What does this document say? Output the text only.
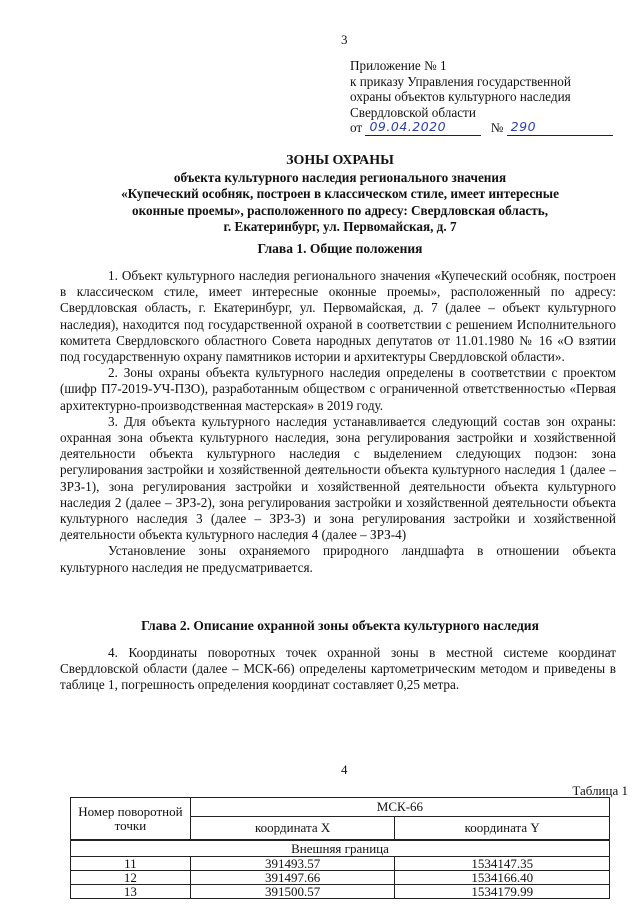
3
Приложение № 1
к приказу Управления государственной
охраны объектов культурного наследия
Свердловской области
от 09.04.2020	№ 290
ЗОНЫ ОХРАНЫ
объекта культурного наследия регионального значения
«Купеческий особняк, построен в классическом стиле, имеет интересные
оконные проемы», расположенного по адресу: Свердловская область,
г. Екатеринбург, ул. Первомайская, д. 7
Глава 1. Общие положения

1. Объект культурного наследия регионального значения «Купеческий особняк, построен в классическом стиле, имеет интересные оконные проемы», расположенный по адресу: Свердловская область, г. Екатеринбург, ул. Первомайская, д. 7 (далее – объект культурного наследия), находится под государственной охраной в соответствии с решением Исполнительного комитета Свердловского областного Совета народных депутатов от 11.01.1980 № 16 «О взятии под государственную охрану памятников истории и архитектуры Свердловской области».

2. Зоны охраны объекта культурного наследия определены в соответствии с проектом (шифр П7-2019-УЧ-ПЗО), разработанным обществом с ограниченной ответственностью «Первая архитектурно-производственная мастерская» в 2019 году.

3. Для объекта культурного наследия устанавливается следующий состав зон охраны: охранная зона объекта культурного наследия, зона регулирования застройки и хозяйственной деятельности объекта культурного наследия с выделением следующих подзон: зона регулирования застройки и хозяйственной деятельности объекта культурного наследия 1 (далее – ЗРЗ-1), зона регулирования застройки и хозяйственной деятельности объекта культурного наследия 2 (далее – ЗРЗ-2), зона регулирования застройки и хозяйственной деятельности объекта культурного наследия 3 (далее – ЗРЗ-3) и зона регулирования застройки и хозяйственной деятельности объекта культурного наследия 4 (далее – ЗРЗ-4)

Установление зоны охраняемого природного ландшафта в отношении объекта культурного наследия не предусматривается.

Глава 2. Описание охранной зоны объекта культурного наследия

4. Координаты поворотных точек охранной зоны в местной системе координат Свердловской области (далее – МСК-66) определены картометрическим методом и приведены в таблице 1, погрешность определения координат составляет 0,25 метра.

4
Таблица 1
Номер поворотной точки	МСК-66	
	координата X	координата Y
Внешняя граница		
11	391493.57	1534147.35
12	391497.66	1534166.40
13	391500.57	1534179.99
